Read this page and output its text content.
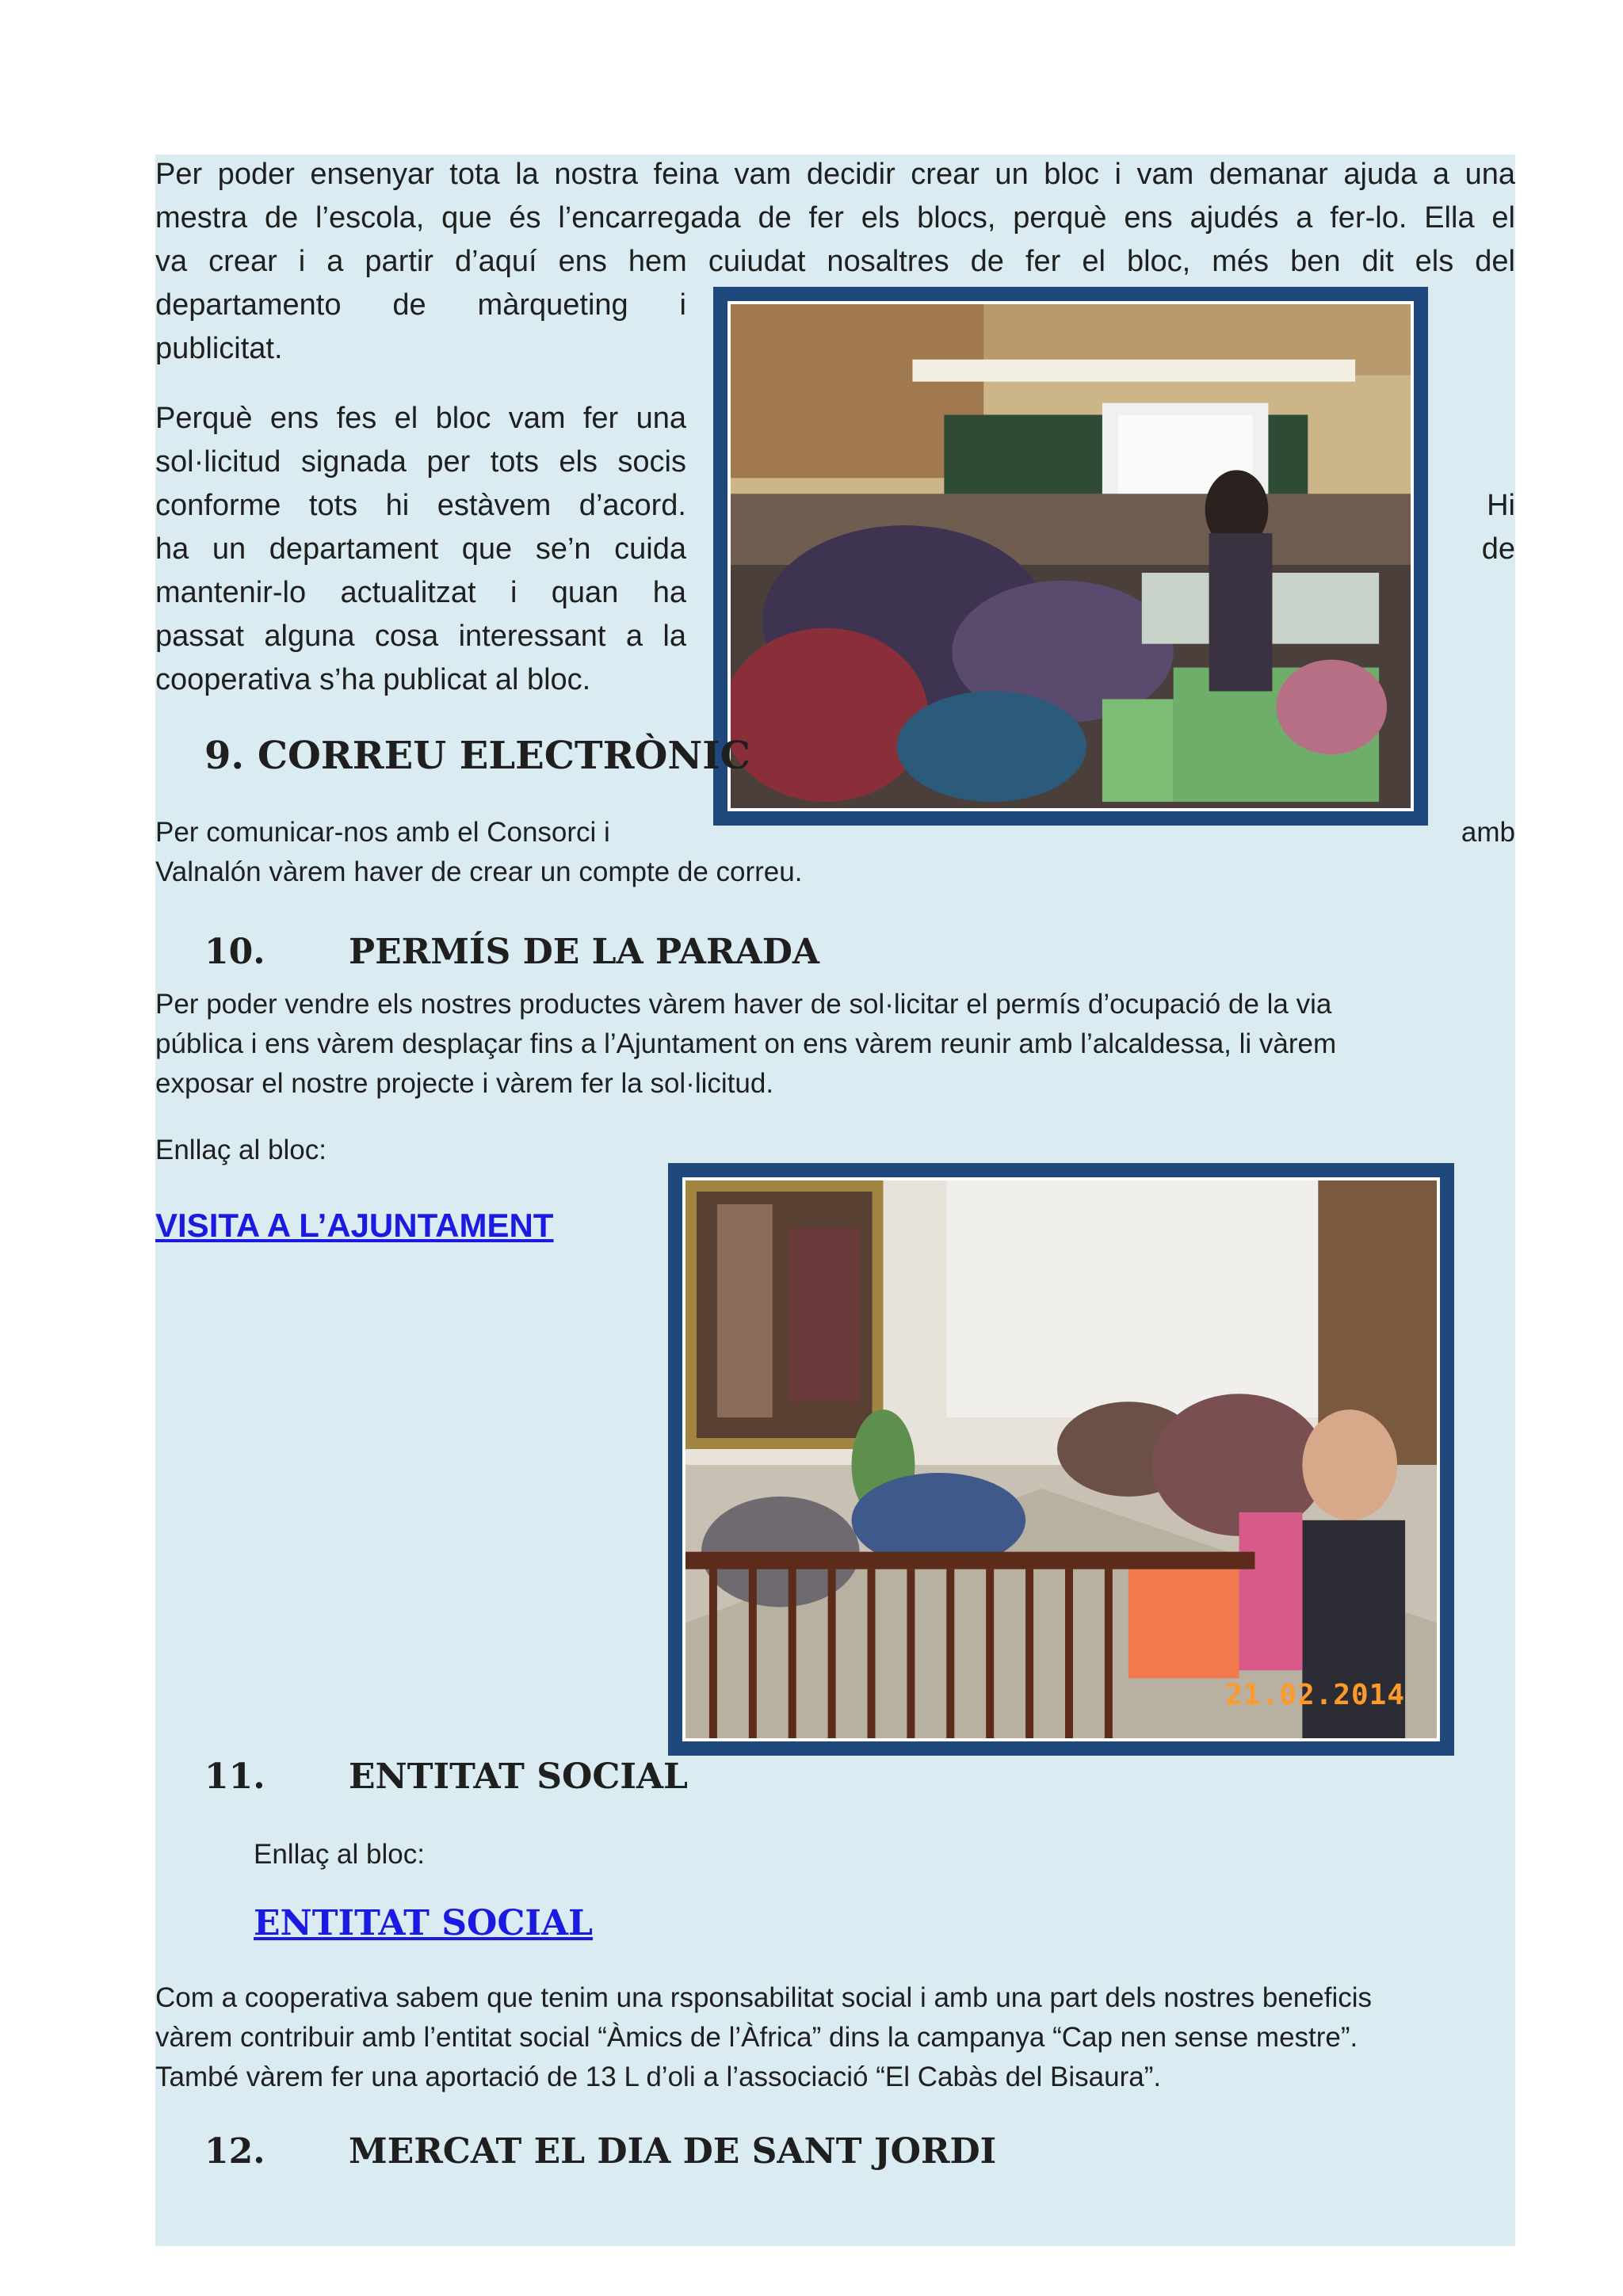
Per poder ensenyar tota la nostra feina vam decidir crear un bloc i vam demanar ajuda a una

mestra de l’escola, que és l’encarregada de fer els blocs, perquè ens ajudés a fer-lo. Ella el

va crear i a partir d’aquí ens hem cuiudat nosaltres de fer el bloc, més ben dit els del

departamento de màrqueting i

publicitat.

Perquè ens fes el bloc vam fer una

sol·licitud signada per tots els socis

conforme tots hi estàvem d’acord.

ha un departament que se’n cuida

mantenir-lo actualitzat i quan ha

passat alguna cosa interessant a la

cooperativa s’ha publicat al bloc.

Hi

de

9. CORREU ELECTRÒNIC

Per comunicar-nos amb el Consorci i	amb

Valnalón vàrem haver de crear un compte de correu.

10. PERMÍS DE LA PARADA

Per poder vendre els nostres productes vàrem haver de sol·licitar el permís d’ocupació de la via

pública i ens vàrem desplaçar fins a l’Ajuntament on ens vàrem reunir amb l’alcaldessa, li vàrem

exposar el nostre projecte i vàrem fer la sol·licitud.

Enllaç al bloc:

VISITA A L’AJUNTAMENT
21.02.2014
11. ENTITAT SOCIAL

Enllaç al bloc:

ENTITAT SOCIAL

Com a cooperativa sabem que tenim una rsponsabilitat social i amb una part dels nostres beneficis

vàrem contribuir amb l’entitat social “Àmics de l’Àfrica” dins la campanya “Cap nen sense mestre”.

També vàrem fer una aportació de 13 L d’oli a l’associació “El Cabàs del Bisaura”.

12. MERCAT EL DIA DE SANT JORDI
